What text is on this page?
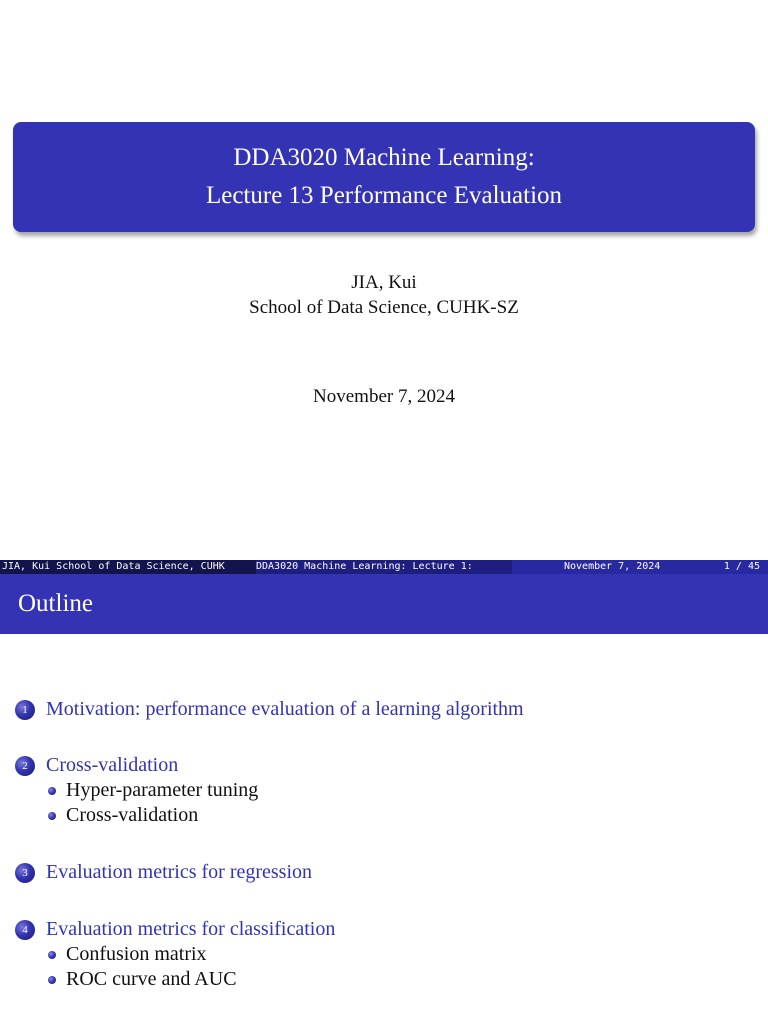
DDA3020 Machine Learning:
Lecture 13 Performance Evaluation
JIA, Kui
School of Data Science, CUHK-SZ
November 7, 2024
JIA, Kui School of Data Science, CUHK	DDA3020 Machine Learning: Lecture 1:	November 7, 2024	1 / 45
Outline
1 Motivation: performance evaluation of a learning algorithm
2 Cross-validation
Hyper-parameter tuning
Cross-validation
3 Evaluation metrics for regression
4 Evaluation metrics for classification
Confusion matrix
ROC curve and AUC
